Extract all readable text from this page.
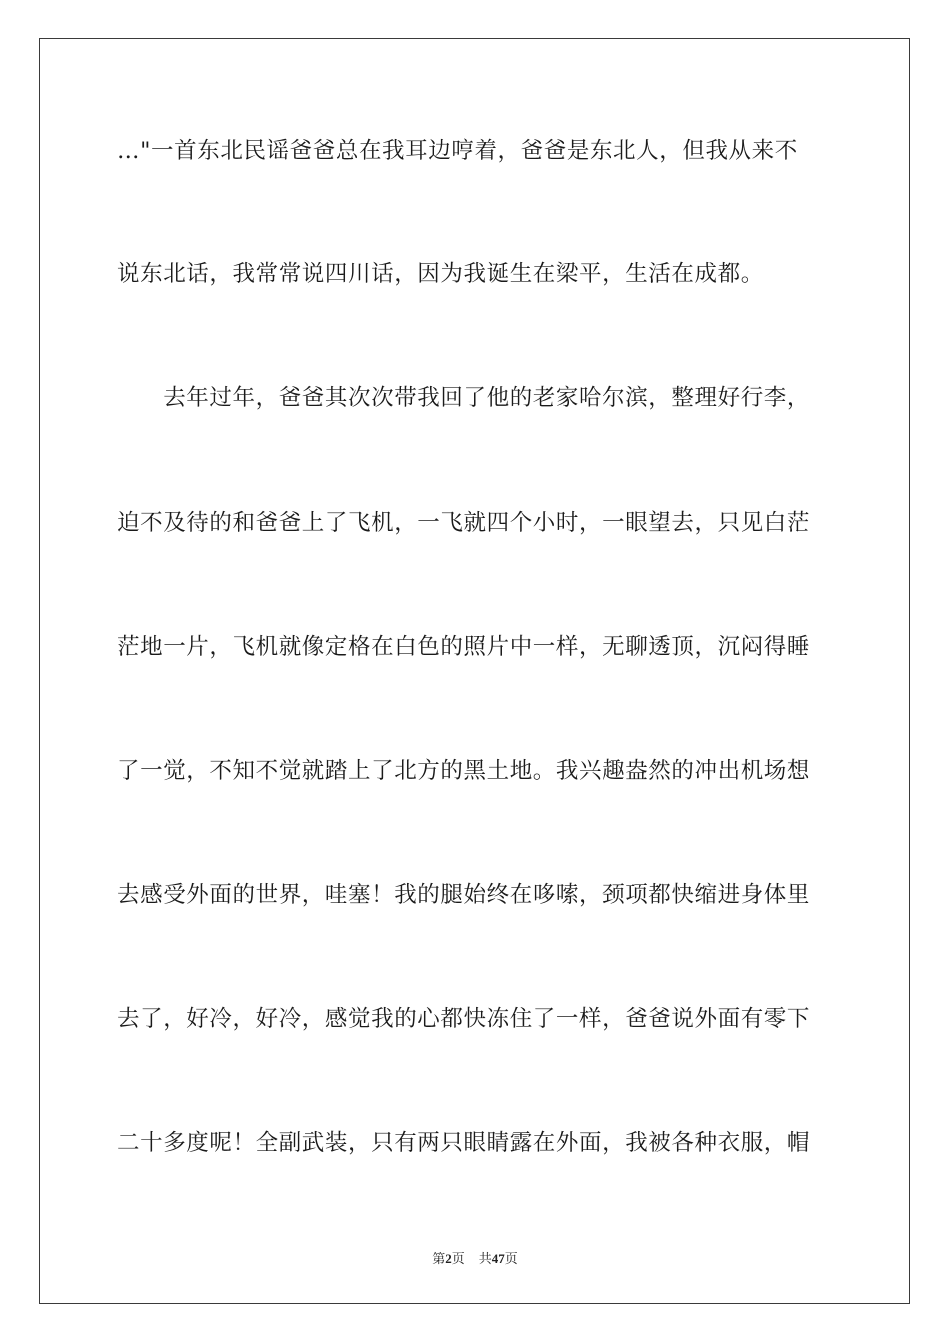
…"一首东北民谣爸爸总在我耳边哼着，爸爸是东北人，但我从来不
说东北话，我常常说四川话，因为我诞生在梁平，生活在成都。
　　去年过年，爸爸其次次带我回了他的老家哈尔滨，整理好行李，
迫不及待的和爸爸上了飞机，一飞就四个小时，一眼望去，只见白茫
茫地一片，飞机就像定格在白色的照片中一样，无聊透顶，沉闷得睡
了一觉，不知不觉就踏上了北方的黑土地。我兴趣盎然的冲出机场想
去感受外面的世界，哇塞！我的腿始终在哆嗦，颈项都快缩进身体里
去了，好冷，好冷，感觉我的心都快冻住了一样，爸爸说外面有零下
二十多度呢！全副武装，只有两只眼睛露在外面，我被各种衣服，帽
第2页 共47页
